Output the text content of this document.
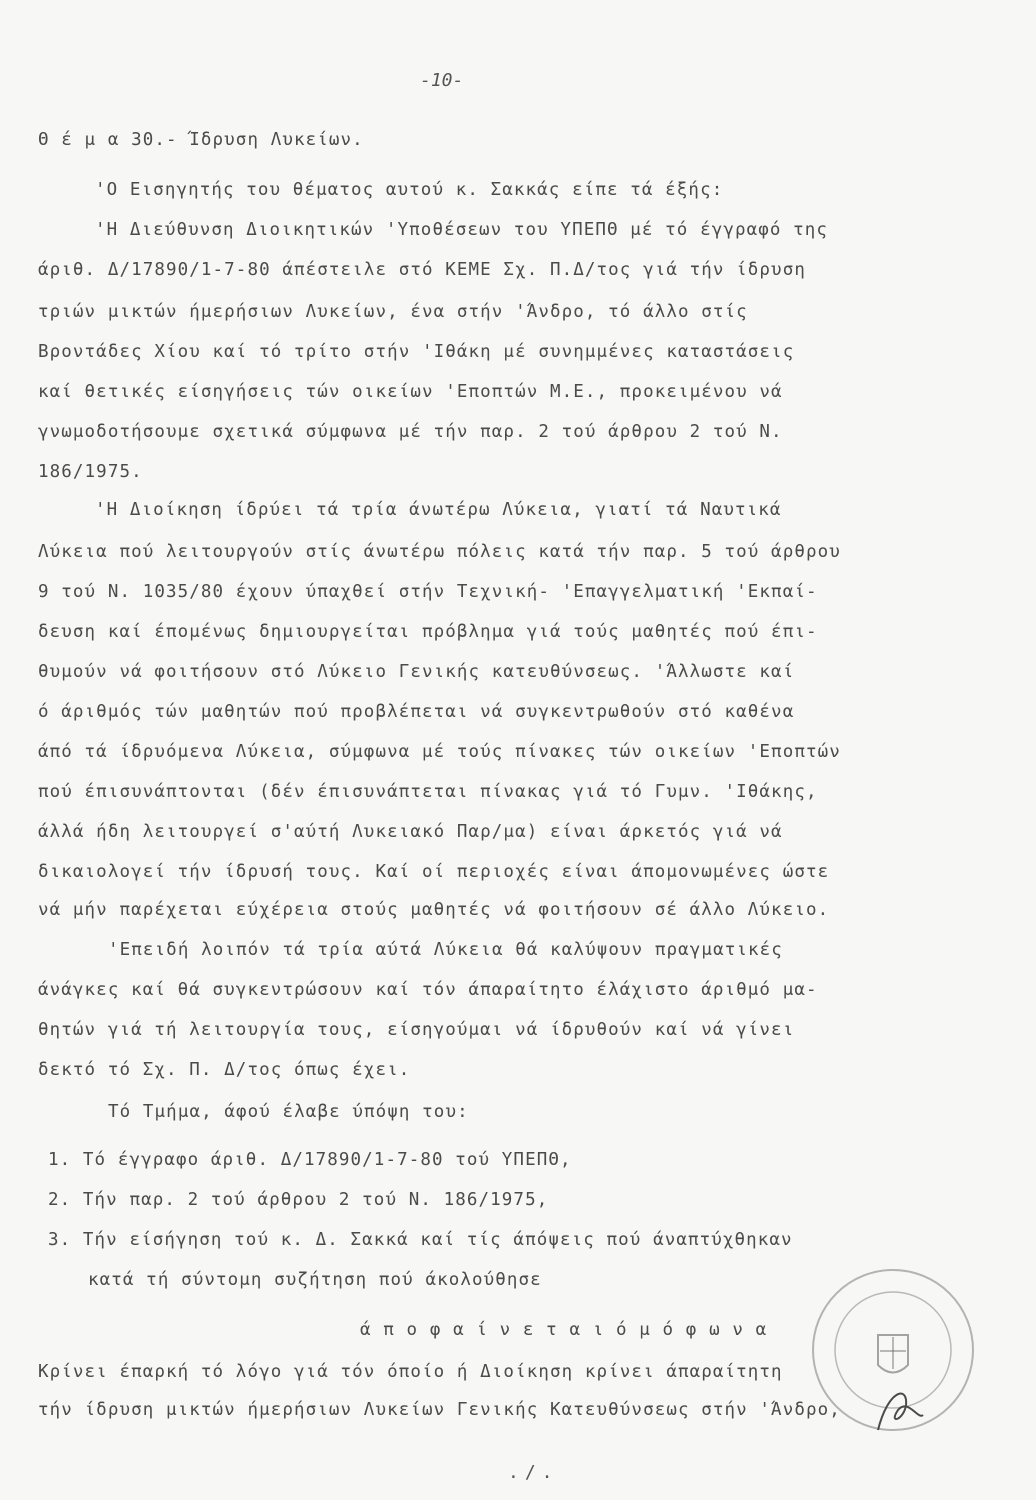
-10-
Θ έ μ α 30.- Ίδρυση Λυκείων.
'Ο Εισηγητής του θέματος αυτού κ. Σακκάς είπε τά έξής:
'Η Διεύθυνση Διοικητικών 'Υποθέσεων του ΥΠΕΠΘ μέ τό έγγραφό της
άριθ. Δ/17890/1-7-80 άπέστειλε στό ΚΕΜΕ Σχ. Π.Δ/τος γιά τήν ίδρυση
τριών μικτών ήμερήσιων Λυκείων, ένα στήν 'Άνδρο, τό άλλο στίς
Βροντάδες Χίου καί τό τρίτο στήν 'Ιθάκη μέ συνημμένες καταστάσεις
καί θετικές είσηγήσεις τών οικείων 'Εποπτών Μ.Ε., προκειμένου νά
γνωμοδοτήσουμε σχετικά σύμφωνα μέ τήν παρ. 2 τού άρθρου 2 τού Ν.
186/1975.
'Η Διοίκηση ίδρύει τά τρία άνωτέρω Λύκεια, γιατί τά Ναυτικά
Λύκεια πού λειτουργούν στίς άνωτέρω πόλεις κατά τήν παρ. 5 τού άρθρου
9 τού Ν. 1035/80 έχουν ύπαχθεί στήν Τεχνική- 'Επαγγελματική 'Εκπαί-
δευση καί έπομένως δημιουργείται πρόβλημα γιά τούς μαθητές πού έπι-
θυμούν νά φοιτήσουν στό Λύκειο Γενικής κατευθύνσεως. 'Άλλωστε καί
ό άριθμός τών μαθητών πού προβλέπεται νά συγκεντρωθούν στό καθένα
άπό τά ίδρυόμενα Λύκεια, σύμφωνα μέ τούς πίνακες τών οικείων 'Εποπτών
πού έπισυνάπτονται (δέν έπισυνάπτεται πίνακας γιά τό Γυμν. 'Ιθάκης,
άλλά ήδη λειτουργεί σ'αύτή Λυκειακό Παρ/μα) είναι άρκετός γιά νά
δικαιολογεί τήν ίδρυσή τους. Καί οί περιοχές είναι άπομονωμένες ώστε
νά μήν παρέχεται εύχέρεια στούς μαθητές νά φοιτήσουν σέ άλλο Λύκειο.
'Επειδή λοιπόν τά τρία αύτά Λύκεια θά καλύψουν πραγματικές
άνάγκες καί θά συγκεντρώσουν καί τόν άπαραίτητο έλάχιστο άριθμό μα-
θητών γιά τή λειτουργία τους, είσηγούμαι νά ίδρυθούν καί νά γίνει
δεκτό τό Σχ. Π. Δ/τος όπως έχει.
Τό Τμήμα, άφού έλαβε ύπόψη του:
1. Τό έγγραφο άριθ. Δ/17890/1-7-80 τού ΥΠΕΠΘ,
2. Τήν παρ. 2 τού άρθρου 2 τού Ν. 186/1975,
3. Τήν είσήγηση τού κ. Δ. Σακκά καί τίς άπόψεις πού άναπτύχθηκαν
κατά τή σύντομη συζήτηση πού άκολούθησε
ά π ο φ α ί ν ε τ α ι ό μ ό φ ω ν α
Κρίνει έπαρκή τό λόγο γιά τόν όποίο ή Διοίκηση κρίνει άπαραίτητη
τήν ίδρυση μικτών ήμερήσιων Λυκείων Γενικής Κατευθύνσεως στήν 'Άνδρο,
./.
